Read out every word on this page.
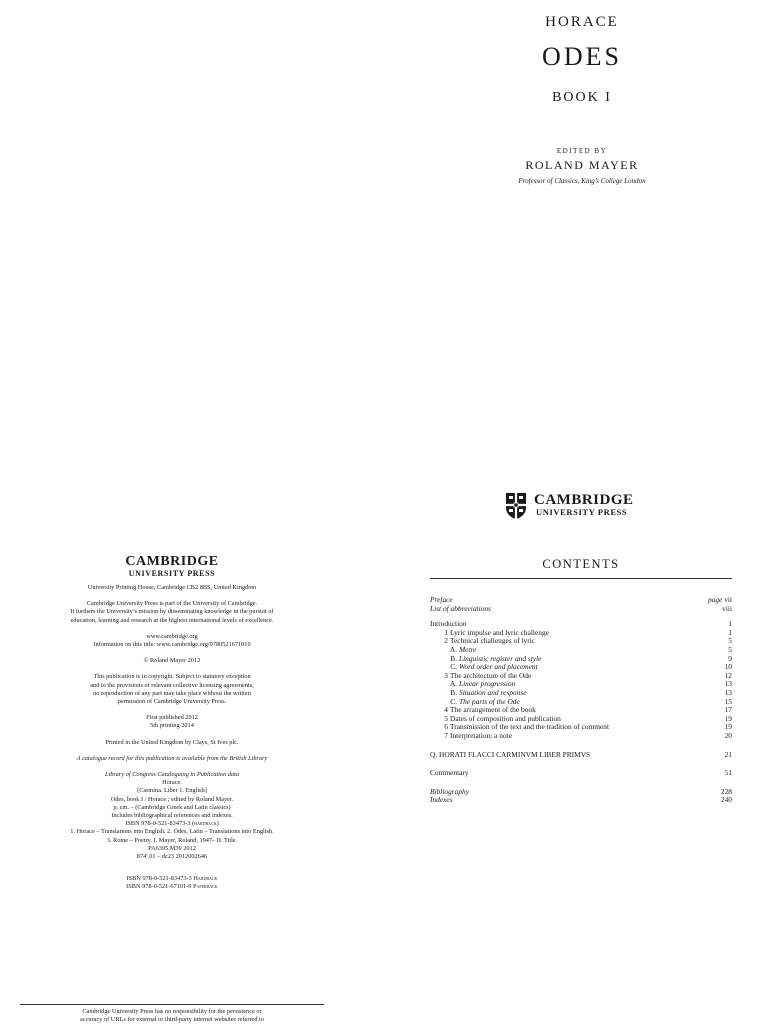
HORACE
ODES
BOOK I
EDITED BY
ROLAND MAYER
Professor of Classics, King’s College London
CAMBRIDGE
UNIVERSITY PRESS
CAMBRIDGE
UNIVERSITY PRESS

University Printing House, Cambridge CB2 8BS, United Kingdom

Cambridge University Press is part of the University of Cambridge.
It furthers the University’s mission by disseminating knowledge in the pursuit of
education, learning and research at the highest international levels of excellence.

www.cambridge.org
Information on this title: www.cambridge.org/9780521671019

© Roland Mayer 2012

This publication is in copyright. Subject to statutory exception
and to the provisions of relevant collective licensing agreements,
no reproduction of any part may take place without the written
permission of Cambridge University Press.

First published 2012
5th printing 2014

Printed in the United Kingdom by Clays, St Ives plc.

A catalogue record for this publication is available from the British Library

Library of Congress Cataloguing in Publication data
Horace.
[Carmina. Liber 1. English]
Odes, book I / Horace ; edited by Roland Mayer.
p. cm. – (Cambridge Greek and Latin classics)
Includes bibliographical references and indexes.
ISBN 978-0-521-83473-3 (hardback)
1. Horace – Translations into English. 2. Odes, Latin – Translations into English.
3. Rome – Poetry. I. Mayer, Roland, 1947– II. Title.
PA6395.M39 2012
874′.01 – dc23 2012002646

ISBN 978-0-521-83473-3 Hardback
ISBN 978-0-521-67101-9 Paperback

Cambridge University Press has no responsibility for the persistence or
accuracy of URLs for external or third-party internet websites referred to
CONTENTS
Preface	page vii
List of abbreviations	viii
Introduction	1
1 Lyric impulse and lyric challenge	1
2 Technical challenges of lyric	5
A. Metre	5
B. Linguistic register and style	9
C. Word order and placement	10
3 The architecture of the Ode	12
A. Linear progression	13
B. Situation and response	13
C. The parts of the Ode	15
4 The arrangement of the book	17
5 Dates of composition and publication	19
6 Transmission of the text and the tradition of comment	19
7 Interpretation: a note	20
Q. HORATI FLACCI CARMINVM LIBER PRIMVS	21
Commentary	51
Bibliography	228
Indexes	240
